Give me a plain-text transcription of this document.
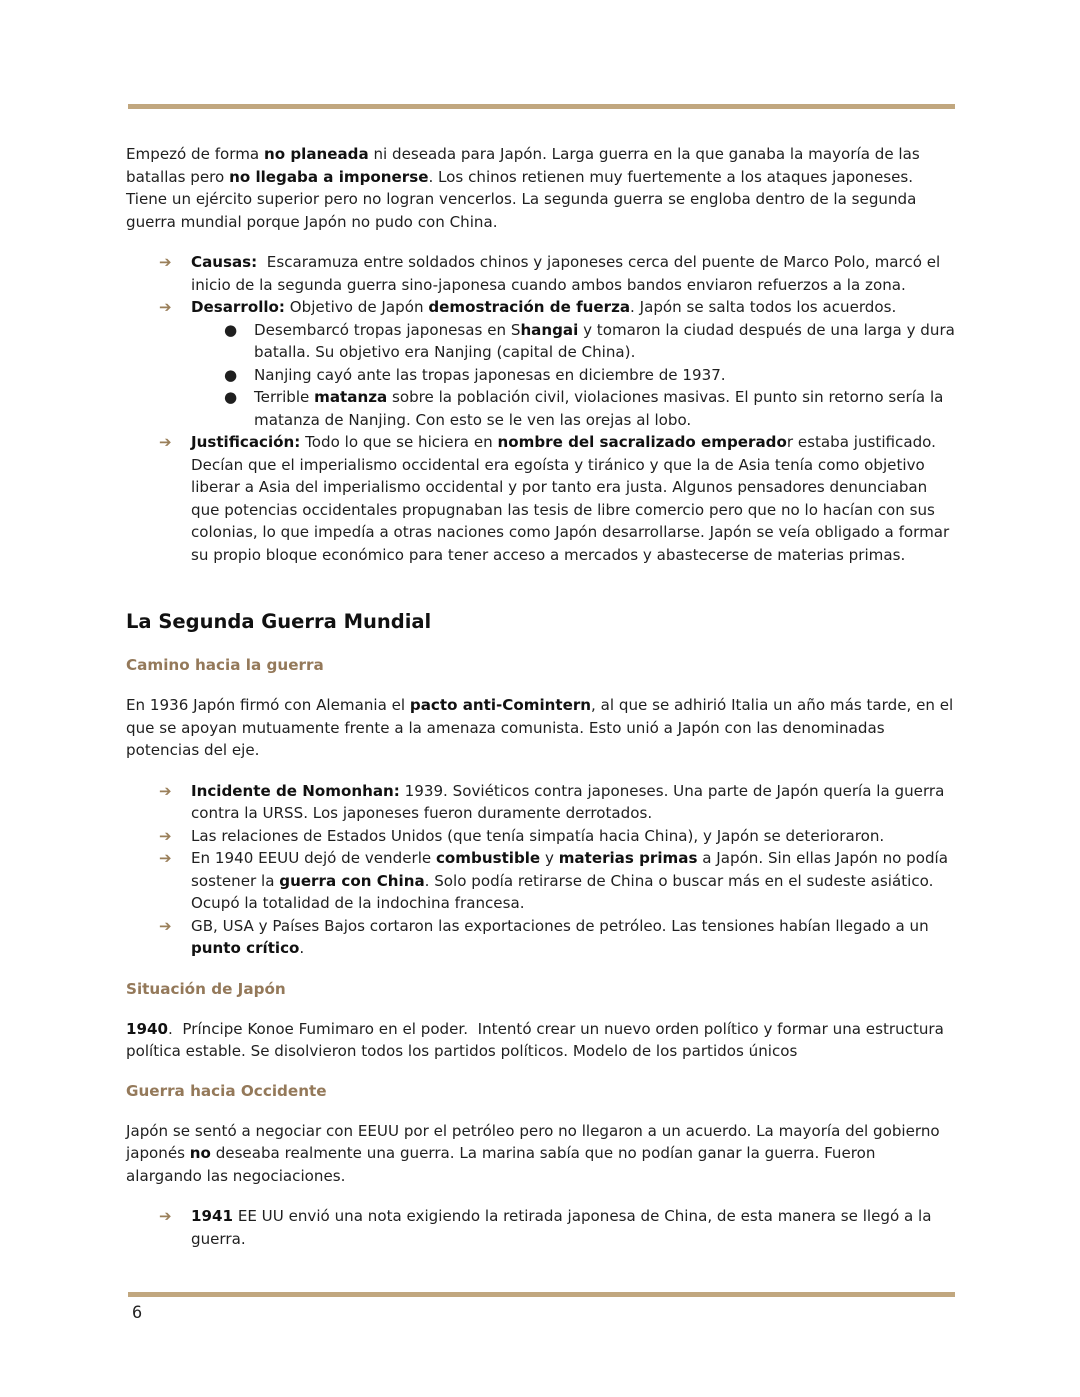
Empezó de forma no planeada ni deseada para Japón. Larga guerra en la que ganaba la mayoría de las batallas pero no llegaba a imponerse. Los chinos retienen muy fuertemente a los ataques japoneses. Tiene un ejército superior pero no logran vencerlos. La segunda guerra se engloba dentro de la segunda guerra mundial porque Japón no pudo con China.

➔ Causas:  Escaramuza entre soldados chinos y japoneses cerca del puente de Marco Polo, marcó el inicio de la segunda guerra sino-japonesa cuando ambos bandos enviaron refuerzos a la zona.
➔ Desarrollo: Objetivo de Japón demostración de fuerza. Japón se salta todos los acuerdos.
● Desembarcó tropas japonesas en Shangai y tomaron la ciudad después de una larga y dura batalla. Su objetivo era Nanjing (capital de China).
● Nanjing cayó ante las tropas japonesas en diciembre de 1937.
● Terrible matanza sobre la población civil, violaciones masivas. El punto sin retorno sería la matanza de Nanjing. Con esto se le ven las orejas al lobo.
➔ Justificación: Todo lo que se hiciera en nombre del sacralizado emperador estaba justificado. Decían que el imperialismo occidental era egoísta y tiránico y que la de Asia tenía como objetivo liberar a Asia del imperialismo occidental y por tanto era justa. Algunos pensadores denunciaban que potencias occidentales propugnaban las tesis de libre comercio pero que no lo hacían con sus colonias, lo que impedía a otras naciones como Japón desarrollarse. Japón se veía obligado a formar su propio bloque económico para tener acceso a mercados y abastecerse de materias primas.
La Segunda Guerra Mundial
Camino hacia la guerra

En 1936 Japón firmó con Alemania el pacto anti-Comintern, al que se adhirió Italia un año más tarde, en el que se apoyan mutuamente frente a la amenaza comunista. Esto unió a Japón con las denominadas potencias del eje.

➔ Incidente de Nomonhan: 1939. Soviéticos contra japoneses. Una parte de Japón quería la guerra contra la URSS. Los japoneses fueron duramente derrotados.
➔ Las relaciones de Estados Unidos (que tenía simpatía hacia China), y Japón se deterioraron.
➔ En 1940 EEUU dejó de venderle combustible y materias primas a Japón. Sin ellas Japón no podía sostener la guerra con China. Solo podía retirarse de China o buscar más en el sudeste asiático. Ocupó la totalidad de la indochina francesa.
➔ GB, USA y Países Bajos cortaron las exportaciones de petróleo. Las tensiones habían llegado a un punto crítico.
Situación de Japón

1940.  Príncipe Konoe Fumimaro en el poder.  Intentó crear un nuevo orden político y formar una estructura política estable. Se disolvieron todos los partidos políticos. Modelo de los partidos únicos

Guerra hacia Occidente

Japón se sentó a negociar con EEUU por el petróleo pero no llegaron a un acuerdo. La mayoría del gobierno japonés no deseaba realmente una guerra. La marina sabía que no podían ganar la guerra. Fueron alargando las negociaciones.

➔ 1941 EE UU envió una nota exigiendo la retirada japonesa de China, de esta manera se llegó a la guerra.
6
